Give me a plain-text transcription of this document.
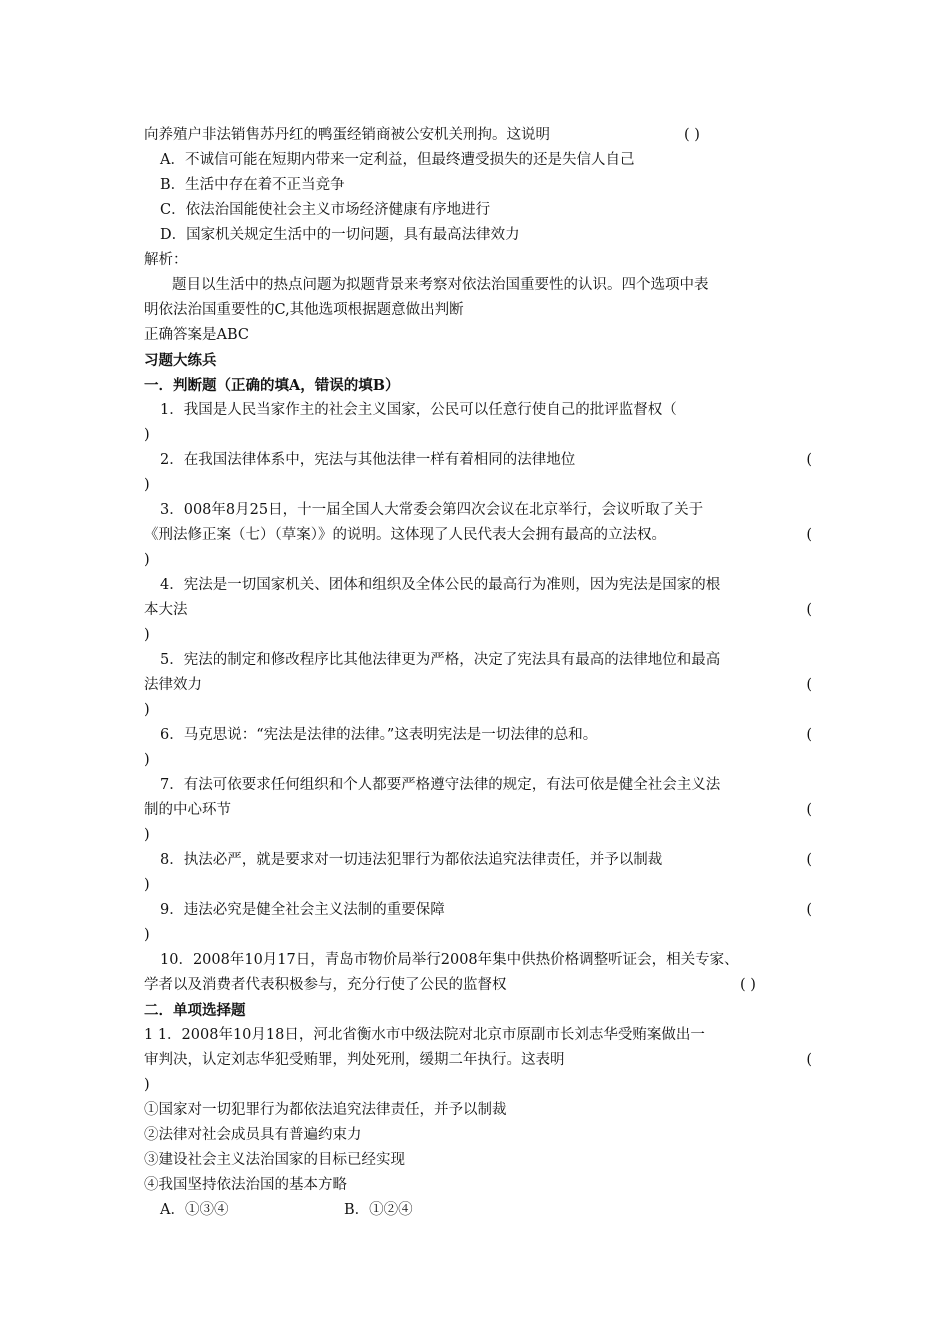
向养殖户非法销售苏丹红的鸭蛋经销商被公安机关刑拘。这说明	( )
A．不诚信可能在短期内带来一定利益，但最终遭受损失的还是失信人自己
B．生活中存在着不正当竞争
C．依法治国能使社会主义市场经济健康有序地进行
D．国家机关规定生活中的一切问题，具有最高法律效力
解析：
题目以生活中的热点问题为拟题背景来考察对依法治国重要性的认识。四个选项中表
明依法治国重要性的C,其他选项根据题意做出判断
正确答案是ABC
习题大练兵
一．判断题（正确的填A，错误的填B）
1．我国是人民当家作主的社会主义国家，公民可以任意行使自己的批评监督权（
)
2．在我国法律体系中，宪法与其他法律一样有着相同的法律地位	(
)
3．008年8月25日，十一届全国人大常委会第四次会议在北京举行，会议听取了关于
《刑法修正案（七）（草案）》的说明。这体现了人民代表大会拥有最高的立法权。	(
)
4．宪法是一切国家机关、团体和组织及全体公民的最高行为准则，因为宪法是国家的根
本大法	(
)
5．宪法的制定和修改程序比其他法律更为严格，决定了宪法具有最高的法律地位和最高
法律效力	(
)
6．马克思说：“宪法是法律的法律。”这表明宪法是一切法律的总和。	(
)
7．有法可依要求任何组织和个人都要严格遵守法律的规定，有法可依是健全社会主义法
制的中心环节	(
)
8．执法必严，就是要求对一切违法犯罪行为都依法追究法律责任，并予以制裁	(
)
9．违法必究是健全社会主义法制的重要保障	(
)
10．2008年10月17日，青岛市物价局举行2008年集中供热价格调整听证会，相关专家、
学者以及消费者代表积极参与，充分行使了公民的监督权	( )
二．单项选择题
1 1．2008年10月18日，河北省衡水市中级法院对北京市原副市长刘志华受贿案做出一
审判决，认定刘志华犯受贿罪，判处死刑，缓期二年执行。这表明	(
)
①国家对一切犯罪行为都依法追究法律责任，并予以制裁
②法律对社会成员具有普遍约束力
③建设社会主义法治国家的目标已经实现
④我国坚持依法治国的基本方略
A．①③④	B．①②④
